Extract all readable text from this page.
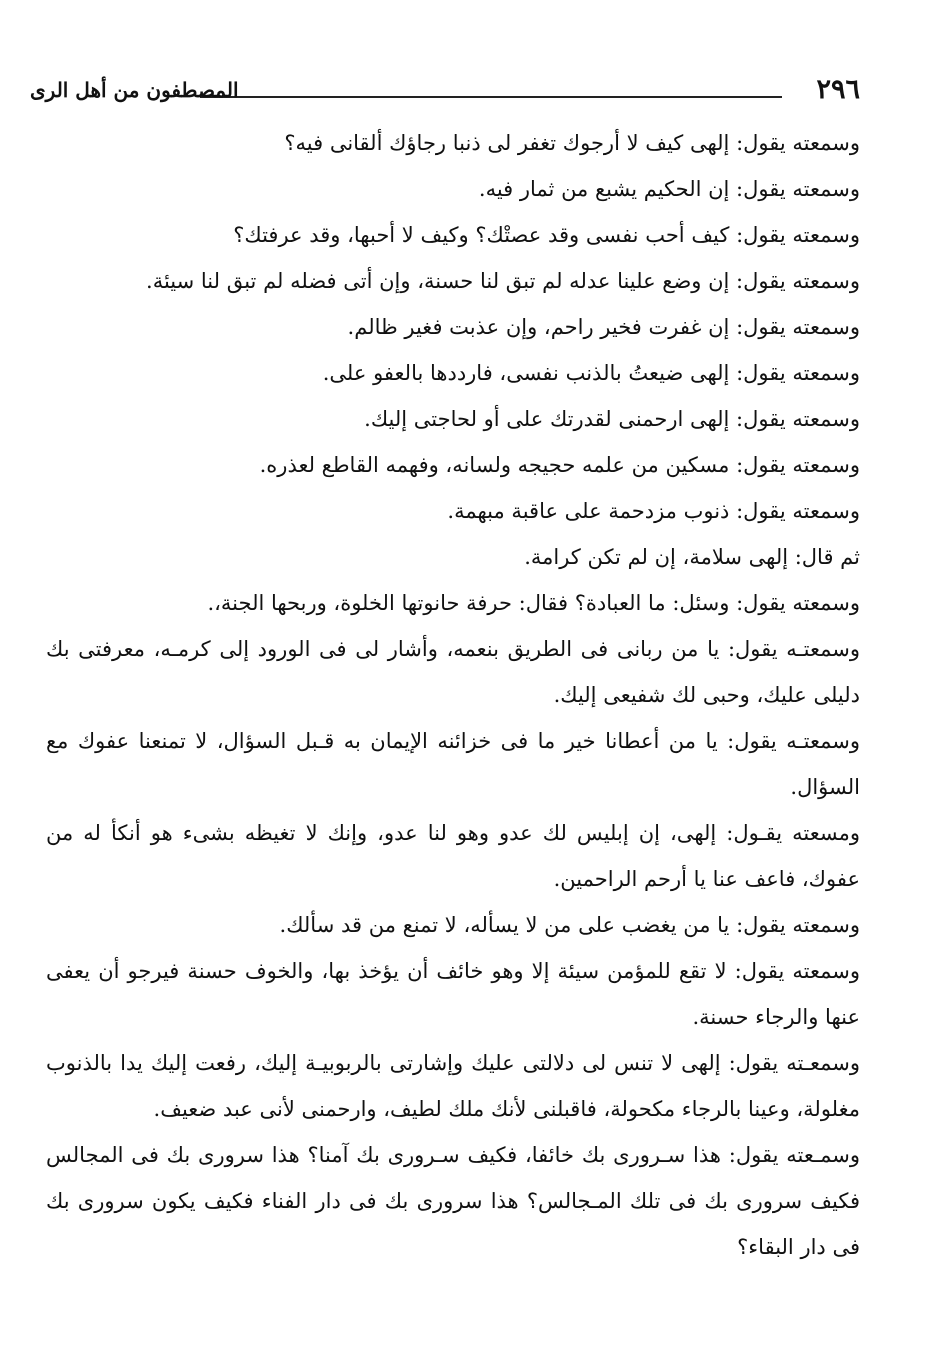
٢٩٦
المصطفون من أهل الرى

وسمعته يقول: إلهى كيف لا أرجوك تغفر لى ذنبا رجاؤك ألقانى فيه؟

وسمعته يقول: إن الحكيم يشبع من ثمار فيه.

وسمعته يقول: كيف أحب نفسى وقد عصتْك؟ وكيف لا أحبها، وقد عرفتك؟

وسمعته يقول: إن وضع علينا عدله لم تبق لنا حسنة، وإن أتى فضله لم تبق لنا سيئة.

وسمعته يقول: إن غفرت فخير راحم، وإن عذبت فغير ظالم.

وسمعته يقول: إلهى ضيعتُ بالذنب نفسى، فارددها بالعفو على.

وسمعته يقول: إلهى ارحمنى لقدرتك على أو لحاجتى إليك.

وسمعته يقول: مسكين من علمه حجيجه ولسانه، وفهمه القاطع لعذره.

وسمعته يقول: ذنوب مزدحمة على عاقبة مبهمة.

ثم قال: إلهى سلامة، إن لم تكن كرامة.

وسمعته يقول: وسئل: ما العبادة؟ فقال: حرفة حانوتها الخلوة، وربحها الجنة،.

وسمعتـه يقول: يا من ربانى فى الطريق بنعمه، وأشار لى فى الورود إلى كرمـه، معرفتى بك دليلى عليك، وحبى لك شفيعى إليك.

وسمعتـه يقول: يا من أعطانا خير ما فى خزائنه الإيمان به قـبل السؤال، لا تمنعنا عفوك مع السؤال.

ومسعته يقـول: إلهى، إن إبليس لك عدو وهو لنا عدو، وإنك لا تغيظه بشىء هو أنكأ له من عفوك، فاعف عنا يا أرحم الراحمين.

وسمعته يقول: يا من يغضب على من لا يسأله، لا تمنع من قد سألك.

وسمعته يقول: لا تقع للمؤمن سيئة إلا وهو خائف أن يؤخذ بها، والخوف حسنة فيرجو أن يعفى عنها والرجاء حسنة.

وسمعـته يقول: إلهى لا تنس لى دلالتى عليك وإشارتى بالربوبيـة إليك، رفعت إليك يدا بالذنوب مغلولة، وعينا بالرجاء مكحولة، فاقبلنى لأنك ملك لطيف، وارحمنى لأنى عبد ضعيف.

وسمـعته يقول: هذا سـرورى بك خائفا، فكيف سـرورى بك آمنا؟ هذا سرورى بك فى المجالس فكيف سرورى بك فى تلك المـجالس؟ هذا سرورى بك فى دار الفناء فكيف يكون سرورى بك فى دار البقاء؟
